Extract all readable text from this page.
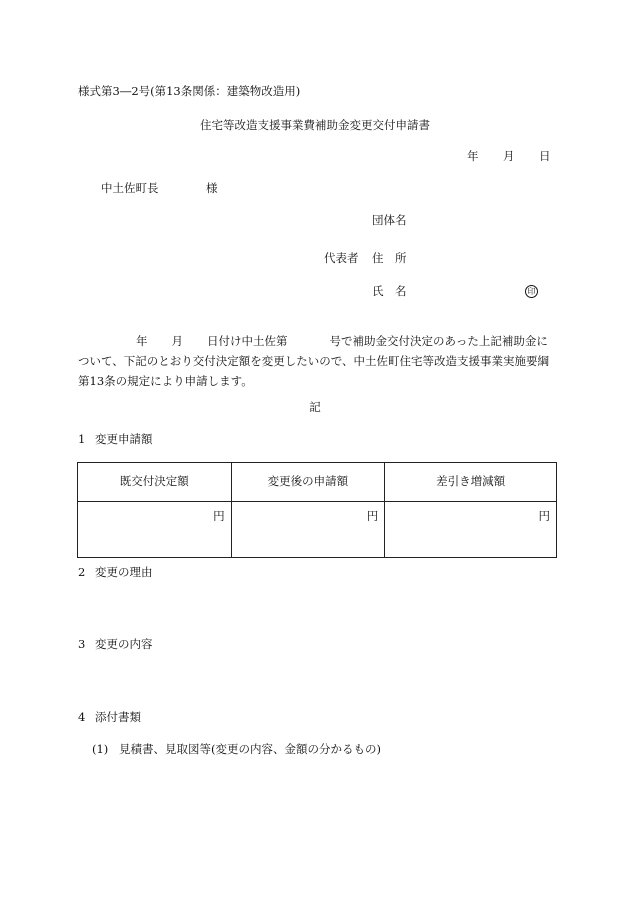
様式第3―2号(第13条関係：建築物改造用)
住宅等改造支援事業費補助金変更交付申請書
年 月 日
中土佐町長	様
団体名
代表者 住　所
氏　名	印
年 月 日付け中土佐第	号で補助金交付決定のあった上記補助金について、下記のとおり交付決定額を変更したいので、中土佐町住宅等改造支援事業実施要綱第13条の規定により申請します。
記
1 変更申請額
既交付決定額	変更後の申請額	差引き増減額
円	円	円
2 変更の理由
3 変更の内容
4 添付書類
(1) 見積書、見取図等(変更の内容、金額の分かるもの)
